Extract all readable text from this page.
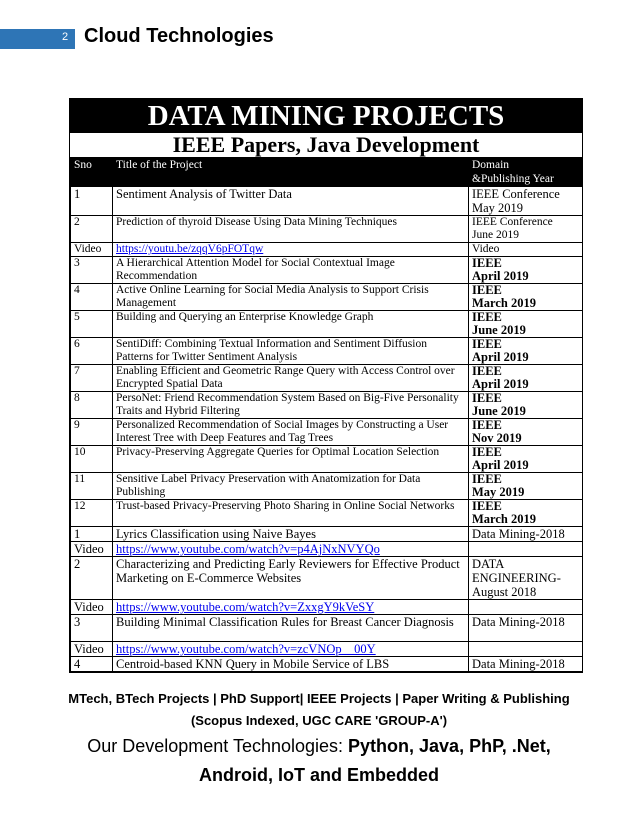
2 Cloud Technologies
DATA MINING PROJECTS
IEEE Papers, Java Development
Sno	Title of the Project	Domain
&Publishing Year
1	Sentiment Analysis of Twitter Data	IEEE Conference
May 2019
2	Prediction of thyroid Disease Using Data Mining Techniques	IEEE Conference
June 2019
Video	https://youtu.be/zqqV6pFOTqw	Video
3	A Hierarchical Attention Model for Social Contextual Image Recommendation	IEEE
April 2019
4	Active Online Learning for Social Media Analysis to Support Crisis Management	IEEE
March 2019
5	Building and Querying an Enterprise Knowledge Graph	IEEE
June 2019
6	SentiDiff: Combining Textual Information and Sentiment Diffusion Patterns for Twitter Sentiment Analysis	IEEE
April 2019
7	Enabling Efficient and Geometric Range Query with Access Control over Encrypted Spatial Data	IEEE
April 2019
8	PersoNet: Friend Recommendation System Based on Big-Five Personality Traits and Hybrid Filtering	IEEE
June 2019
9	Personalized Recommendation of Social Images by Constructing a User Interest Tree with Deep Features and Tag Trees	IEEE
Nov 2019
10	Privacy-Preserving Aggregate Queries for Optimal Location Selection	IEEE
April 2019
11	Sensitive Label Privacy Preservation with Anatomization for Data Publishing	IEEE
May 2019
12	Trust-based Privacy-Preserving Photo Sharing in Online Social Networks	IEEE
March 2019
1	Lyrics Classification using Naive Bayes	Data Mining-2018
Video	https://www.youtube.com/watch?v=p4AjNxNVYQo	
2	Characterizing and Predicting Early Reviewers for Effective Product Marketing on E-Commerce Websites	DATA
ENGINEERING-
August 2018
Video	https://www.youtube.com/watch?v=ZxxgY9kVeSY	
3	Building Minimal Classification Rules for Breast Cancer Diagnosis	Data Mining-2018
Video	https://www.youtube.com/watch?v=zcVNOp__00Y	
4	Centroid-based KNN Query in Mobile Service of LBS	Data Mining-2018
MTech, BTech Projects | PhD Support| IEEE Projects | Paper Writing & Publishing
(Scopus Indexed, UGC CARE 'GROUP-A')
Our Development Technologies: Python, Java, PhP, .Net,
Android, IoT and Embedded
